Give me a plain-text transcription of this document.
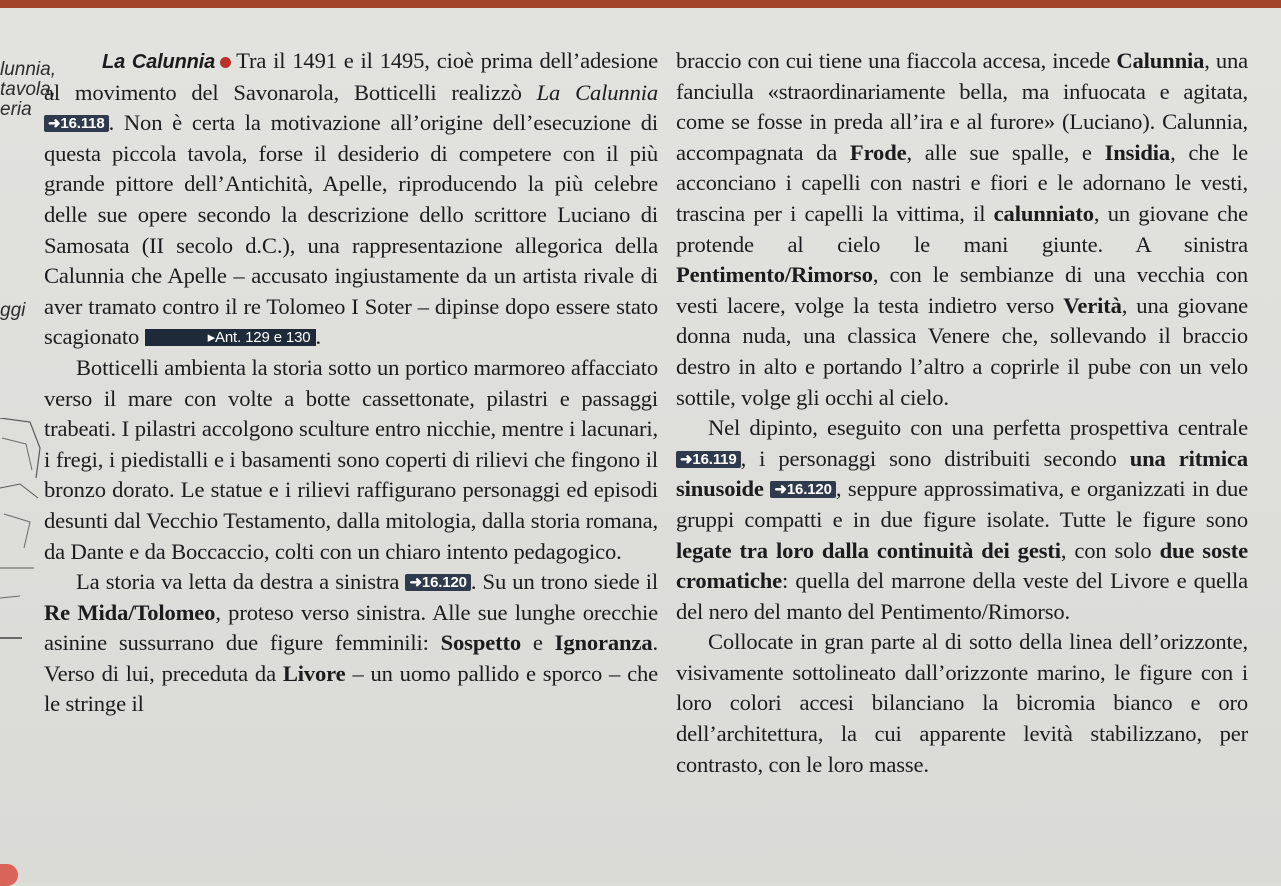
lunnia,
tavola,
eria
ggi

La Calunnia Tra il 1491 e il 1495, cioè prima dell’adesione al movimento del Savonarola, Botticelli realizzò La Calunnia ➜16.118 . Non è certa la motivazione all’origine dell’esecuzione di questa piccola tavola, forse il desiderio di competere con il più grande pittore dell’Antichità, Apelle, riproducendo la più celebre delle sue opere secondo la descrizione dello scrittore Luciano di Samosata (II secolo d.C.), una rappresentazione allegorica della Calunnia che Apelle – accusato ingiustamente da un artista rivale di aver tramato contro il re Tolomeo I Soter – dipinse dopo essere stato scagionato	▸Ant. 129 e 130 .

Botticelli ambienta la storia sotto un portico marmoreo affacciato verso il mare con volte a botte cassettonate, pilastri e passaggi trabeati. I pilastri accolgono sculture entro nicchie, mentre i lacunari, i fregi, i piedistalli e i basamenti sono coperti di rilievi che fingono il bronzo dorato. Le statue e i rilievi raffigurano personaggi ed episodi desunti dal Vecchio Testamento, dalla mitologia, dalla storia romana, da Dante e da Boccaccio, colti con un chiaro intento pedagogico.

La storia va letta da destra a sinistra ➜16.120 . Su un trono siede il Re Mida/Tolomeo, proteso verso sinistra. Alle sue lunghe orecchie asinine sussurrano due figure femminili: Sospetto e Ignoranza. Verso di lui, preceduta da Livore – un uomo pallido e sporco – che le stringe il

braccio con cui tiene una fiaccola accesa, incede Calunnia, una fanciulla «straordinariamente bella, ma infuocata e agitata, come se fosse in preda all’ira e al furore» (Luciano). Calunnia, accompagnata da Frode, alle sue spalle, e Insidia, che le acconciano i capelli con nastri e fiori e le adornano le vesti, trascina per i capelli la vittima, il calunniato, un giovane che protende al cielo le mani giunte. A sinistra Pentimento/Rimorso, con le sembianze di una vecchia con vesti lacere, volge la testa indietro verso Verità, una giovane donna nuda, una classica Venere che, sollevando il braccio destro in alto e portando l’altro a coprirle il pube con un velo sottile, volge gli occhi al cielo.

Nel dipinto, eseguito con una perfetta prospettiva centrale ➜16.119 , i personaggi sono distribuiti secondo una ritmica sinusoide ➜16.120 , seppure approssimativa, e organizzati in due gruppi compatti e in due figure isolate. Tutte le figure sono legate tra loro dalla continuità dei gesti, con solo due soste cromatiche: quella del marrone della veste del Livore e quella del nero del manto del Pentimento/Rimorso.

Collocate in gran parte al di sotto della linea dell’orizzonte, visivamente sottolineato dall’orizzonte marino, le figure con i loro colori accesi bilanciano la bicromia bianco e oro dell’architettura, la cui apparente levità stabilizzano, per contrasto, con le loro masse.
